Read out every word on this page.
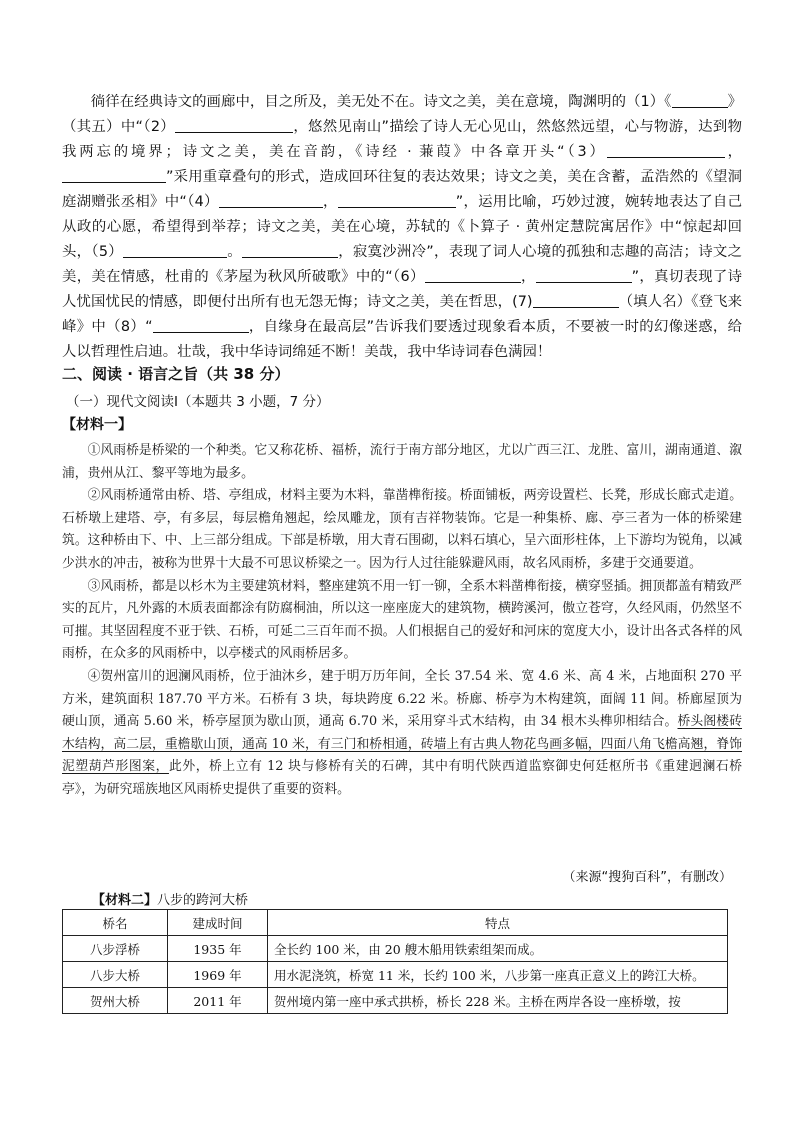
徜徉在经典诗文的画廊中，目之所及，美无处不在。诗文之美，美在意境，陶渊明的（1）《	》（其五）中“（2）	，悠然见南山”描绘了诗人无心见山，然悠然远望，心与物游，达到物我两忘的境界；诗文之美，美在音韵，《诗经 · 蒹葭》中各章开头“（3）	，”采用重章叠句的形式，造成回环往复的表达效果；诗文之美，美在含蓄，孟浩然的《望洞庭湖赠张丞相》中“（4）	，	”，运用比喻，巧妙过渡，婉转地表达了自己从政的心愿，希望得到举荐；诗文之美，美在心境，苏轼的《卜算子 · 黄州定慧院寓居作》中“惊起却回头，（5）	。	，寂寞沙洲冷”，表现了词人心境的孤独和志趣的高洁；诗文之美，美在情感，杜甫的《茅屋为秋风所破歌》中的“（6）	，	”，真切表现了诗人忧国忧民的情感，即便付出所有也无怨无悔；诗文之美，美在哲思，(7)	（填人名）《登飞来峰》中（8）“	，自缘身在最高层”告诉我们要透过现象看本质，不要被一时的幻像迷惑，给人以哲理性启迪。壮哉，我中华诗词绵延不断！美哉，我中华诗词春色满园！

二、阅读 · 语言之旨（共 38 分）
（一）现代文阅读Ⅰ（本题共 3 小题，7 分）
【材料一】

①风雨桥是桥梁的一个种类。它又称花桥、福桥，流行于南方部分地区，尤以广西三江、龙胜、富川，湖南通道、溆浦，贵州从江、黎平等地为最多。

②风雨桥通常由桥、塔、亭组成，材料主要为木料，靠凿榫衔接。桥面铺板，两旁设置栏、长凳，形成长廊式走道。石桥墩上建塔、亭，有多层，每层檐角翘起，绘凤雕龙，顶有吉祥物装饰。它是一种集桥、廊、亭三者为一体的桥梁建筑。这种桥由下、中、上三部分组成。下部是桥墩，用大青石围砌，以料石填心，呈六面形柱体，上下游均为锐角，以减少洪水的冲击，被称为世界十大最不可思议桥梁之一。因为行人过往能躲避风雨，故名风雨桥，多建于交通要道。

③风雨桥，都是以杉木为主要建筑材料，整座建筑不用一钉一铆，全系木料凿榫衔接，横穿竖插。拥顶都盖有精致严实的瓦片，凡外露的木质表面都涂有防腐桐油，所以这一座座庞大的建筑物，横跨溪河，傲立苍穹，久经风雨，仍然坚不可摧。其坚固程度不亚于铁、石桥，可延二三百年而不损。人们根据自己的爱好和河床的宽度大小，设计出各式各样的风雨桥，在众多的风雨桥中，以亭楼式的风雨桥居多。

④贺州富川的迥澜风雨桥，位于油沐乡，建于明万历年间，全长 37.54 米、宽 4.6 米、高 4 米，占地面积 270 平方米，建筑面积 187.70 平方米。石桥有 3 块，每块跨度 6.22 米。桥廊、桥亭为木构建筑，面阔 11 间。桥廊屋顶为硬山顶，通高 5.60 米，桥亭屋顶为歇山顶，通高 6.70 米，采用穿斗式木结构，由 34 根木头榫卯相结合。桥头阁楼砖木结构，高二层，重檐歇山顶，通高 10 米，有三门和桥相通，砖墙上有古典人物花鸟画多幅，四面八角飞檐高翘，脊饰泥塑葫芦形图案，此外，桥上立有 12 块与修桥有关的石碑，其中有明代陕西道监察御史何廷枢所书《重建迥澜石桥亭》，为研究瑶族地区风雨桥史提供了重要的资料。

（来源“搜狗百科”，有删改）
【材料二】八步的跨河大桥
桥名	建成时间	特点
八步浮桥	1935 年	全长约 100 米，由 20 艘木船用铁索组架而成。
八步大桥	1969 年	用水泥浇筑，桥宽 11 米，长约 100 米，八步第一座真正意义上的跨江大桥。
贺州大桥	2011 年	贺州境内第一座中承式拱桥，桥长 228 米。主桥在两岸各设一座桥墩，按
